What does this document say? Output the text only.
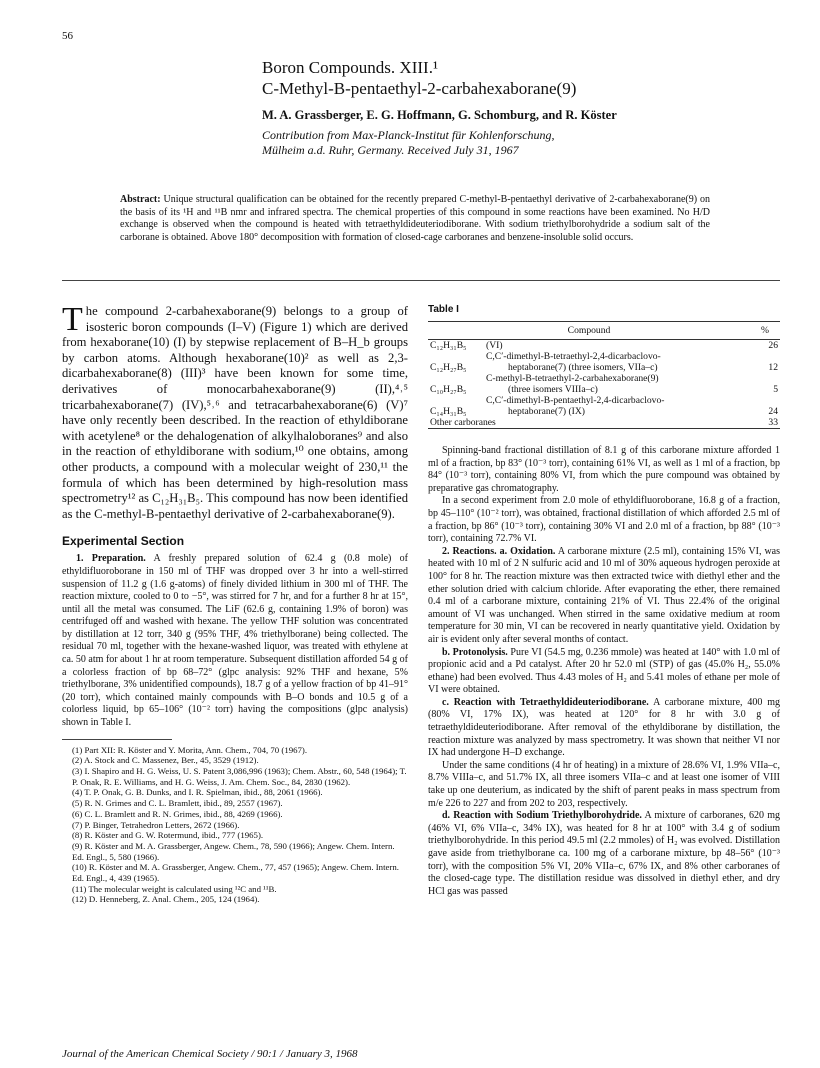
56
Boron Compounds. XIII.¹
C-Methyl-B-pentaethyl-2-carbahexaborane(9)
M. A. Grassberger, E. G. Hoffmann, G. Schomburg, and R. Köster
Contribution from Max-Planck-Institut für Kohlenforschung,
Mülheim a.d. Ruhr, Germany. Received July 31, 1967
Abstract: Unique structural qualification can be obtained for the recently prepared C-methyl-B-pentaethyl derivative of 2-carbahexaborane(9) on the basis of its ¹H and ¹¹B nmr and infrared spectra. The chemical properties of this compound in some reactions have been examined. No H/D exchange is observed when the compound is heated with tetraethyldideuteriodiborane. With sodium triethylborohydride a sodium salt of the carborane is obtained. Above 180° decomposition with formation of closed-cage carboranes and benzene-insoluble solid occurs.

The compound 2-carbahexaborane(9) belongs to a group of isosteric boron compounds (I–V) (Figure 1) which are derived from hexaborane(10) (I) by stepwise replacement of B–H_b groups by carbon atoms. Although hexaborane(10)² as well as 2,3-dicarbahexaborane(8) (III)³ have been known for some time, derivatives of monocarbahexaborane(9) (II),⁴˒⁵ tricarbahexaborane(7) (IV),⁵˒⁶ and tetracarbahexaborane(6) (V)⁷ have only recently been described. In the reaction of ethyldiborane with acetylene⁸ or the dehalogenation of alkylhaloboranes⁹ and also in the reaction of ethyldiborane with sodium,¹⁰ one obtains, among other products, a compound with a molecular weight of 230,¹¹ the formula of which has been determined by high-resolution mass spectrometry¹² as C₁₂H₃₁B₅. This compound has now been identified as the C-methyl-B-pentaethyl derivative of 2-carbahexaborane(9).

Experimental Section

1. Preparation. A freshly prepared solution of 62.4 g (0.8 mole) of ethyldifluoroborane in 150 ml of THF was dropped over 3 hr into a well-stirred suspension of 11.2 g (1.6 g-atoms) of finely divided lithium in 300 ml of THF. The reaction mixture, cooled to 0 to −5°, was stirred for 7 hr, and for a further 8 hr at 15°, until all the metal was consumed. The LiF (62.6 g, containing 1.9% of boron) was centrifuged off and washed with hexane. The yellow THF solution was concentrated by distillation at 12 torr, 340 g (95% THF, 4% triethylborane) being collected. The residual 70 ml, together with the hexane-washed liquor, was treated with ethylene at ca. 50 atm for about 1 hr at room temperature. Subsequent distillation afforded 54 g of a colorless fraction of bp 68–72° (glpc analysis: 92% THF and hexane, 5% triethylborane, 3% unidentified compounds), 18.7 g of a yellow fraction of bp 41–91° (20 torr), which contained mainly compounds with B–O bonds and 10.5 g of a colorless liquid, bp 65–106° (10⁻² torr) having the compositions (glpc analysis) shown in Table I.

(1) Part XII: R. Köster and Y. Morita, Ann. Chem., 704, 70 (1967).
(2) A. Stock and C. Massenez, Ber., 45, 3529 (1912).
(3) I. Shapiro and H. G. Weiss, U. S. Patent 3,086,996 (1963); Chem. Abstr., 60, 548 (1964); T. P. Onak, R. E. Williams, and H. G. Weiss, J. Am. Chem. Soc., 84, 2830 (1962).
(4) T. P. Onak, G. B. Dunks, and I. R. Spielman, ibid., 88, 2061 (1966).
(5) R. N. Grimes and C. L. Bramlett, ibid., 89, 2557 (1967).
(6) C. L. Bramlett and R. N. Grimes, ibid., 88, 4269 (1966).
(7) P. Binger, Tetrahedron Letters, 2672 (1966).
(8) R. Köster and G. W. Rotermund, ibid., 777 (1965).
(9) R. Köster and M. A. Grassberger, Angew. Chem., 78, 590 (1966); Angew. Chem. Intern. Ed. Engl., 5, 580 (1966).
(10) R. Köster and M. A. Grassberger, Angew. Chem., 77, 457 (1965); Angew. Chem. Intern. Ed. Engl., 4, 439 (1965).
(11) The molecular weight is calculated using ¹²C and ¹¹B.
(12) D. Henneberg, Z. Anal. Chem., 205, 124 (1964).
Table I
Compound		%
C₁₂H₃₁B₅	(VI)	26
C₁₂H₂₇B₅	C,C′-dimethyl-B-tetraethyl-2,4-dicarbaclovo-
heptaborane(7) (three isomers, VIIa–c)	12
C₁₀H₂₇B₅	C-methyl-B-tetraethyl-2-carbahexaborane(9)
(three isomers VIIIa–c)	5
C₁₄H₃₁B₅	C,C′-dimethyl-B-pentaethyl-2,4-dicarbaclovo-
heptaborane(7) (IX)	24
Other carboranes		33

Spinning-band fractional distillation of 8.1 g of this carborane mixture afforded 1 ml of a fraction, bp 83° (10⁻³ torr), containing 61% VI, as well as 1 ml of a fraction, bp 84° (10⁻³ torr), containing 80% VI, from which the pure compound was obtained by preparative gas chromatography.

In a second experiment from 2.0 mole of ethyldifluoroborane, 16.8 g of a fraction, bp 45–110° (10⁻² torr), was obtained, fractional distillation of which afforded 2.5 ml of a fraction, bp 86° (10⁻³ torr), containing 30% VI and 2.0 ml of a fraction, bp 88° (10⁻³ torr), containing 72.7% VI.

2. Reactions. a. Oxidation. A carborane mixture (2.5 ml), containing 15% VI, was heated with 10 ml of 2 N sulfuric acid and 10 ml of 30% aqueous hydrogen peroxide at 100° for 8 hr. The reaction mixture was then extracted twice with diethyl ether and the ether solution dried with calcium chloride. After evaporating the ether, there remained 0.4 ml of a carborane mixture, containing 21% of VI. Thus 22.4% of the original amount of VI was unchanged. When stirred in the same oxidative medium at room temperature for 30 min, VI can be recovered in nearly quantitative yield. Oxidation by air is evident only after several months of contact.

b. Protonolysis. Pure VI (54.5 mg, 0.236 mmole) was heated at 140° with 1.0 ml of propionic acid and a Pd catalyst. After 20 hr 52.0 ml (STP) of gas (45.0% H₂, 55.0% ethane) had been evolved. Thus 4.43 moles of H₂ and 5.41 moles of ethane per mole of VI were obtained.

c. Reaction with Tetraethyldideuteriodiborane. A carborane mixture, 400 mg (80% VI, 17% IX), was heated at 120° for 8 hr with 3.0 g of tetraethyldideuteriodiborane. After removal of the ethyldiborane by distillation, the reaction mixture was analyzed by mass spectrometry. It was shown that neither VI nor IX had undergone H–D exchange.

Under the same conditions (4 hr of heating) in a mixture of 28.6% VI, 1.9% VIIa–c, 8.7% VIIIa–c, and 51.7% IX, all three isomers VIIa–c and at least one isomer of VIII take up one deuterium, as indicated by the shift of parent peaks in mass spectrum from m/e 226 to 227 and from 202 to 203, respectively.

d. Reaction with Sodium Triethylborohydride. A mixture of carboranes, 620 mg (46% VI, 6% VIIa–c, 34% IX), was heated for 8 hr at 100° with 3.4 g of sodium triethylborohydride. In this period 49.5 ml (2.2 mmoles) of H₂ was evolved. Distillation gave aside from triethylborane ca. 100 mg of a carborane mixture, bp 48–56° (10⁻³ torr), with the composition 5% VI, 20% VIIa–c, 67% IX, and 8% other carboranes of the closed-cage type. The distillation residue was dissolved in diethyl ether, and dry HCl gas was passed

Journal of the American Chemical Society / 90:1 / January 3, 1968
